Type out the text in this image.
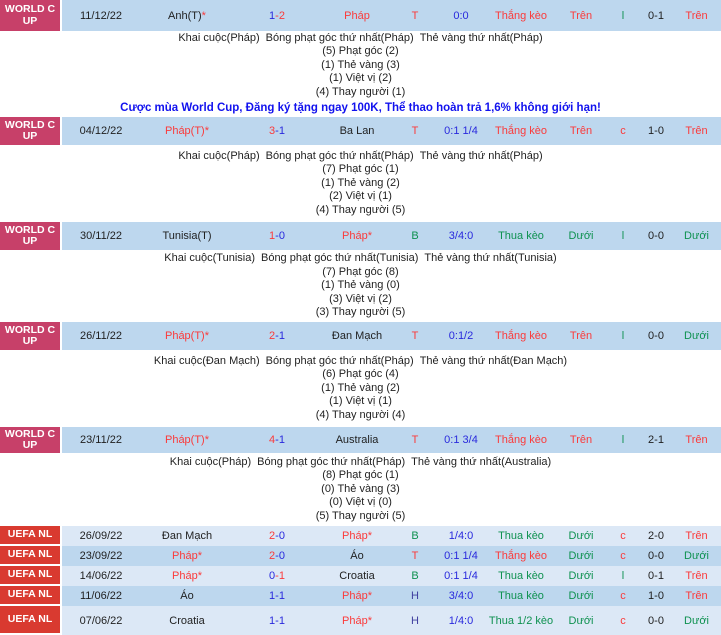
WORLD C
UP	11/12/22	Anh(T)*	1-2	Pháp	T	0:0	Thắng kèo	Trên	l	0-1	Trên
Khai cuộc(Pháp) Bóng phạt góc thứ nhất(Pháp) Thẻ vàng thứ nhất(Pháp)
(5) Phạt góc (2)
(1) Thẻ vàng (3)
(1) Việt vị (2)
(4) Thay người (1)
Cược mùa World Cup, Đăng ký tặng ngay 100K, Thể thao hoàn trả 1,6% không giới hạn!
WORLD C
UP	04/12/22	Pháp(T)*	3-1	Ba Lan	T	0:1 1/4	Thắng kèo	Trên	c	1-0	Trên
Khai cuộc(Pháp) Bóng phạt góc thứ nhất(Pháp) Thẻ vàng thứ nhất(Pháp)
(7) Phạt góc (1)
(1) Thẻ vàng (2)
(2) Việt vị (1)
(4) Thay người (5)
WORLD C
UP	30/11/22	Tunisia(T)	1-0	Pháp*	B	3/4:0	Thua kèo	Dưới	l	0-0	Dưới
Khai cuộc(Tunisia) Bóng phạt góc thứ nhất(Tunisia) Thẻ vàng thứ nhất(Tunisia)
(7) Phạt góc (8)
(1) Thẻ vàng (0)
(3) Việt vị (2)
(3) Thay người (5)
WORLD C
UP	26/11/22	Pháp(T)*	2-1	Đan Mạch	T	0:1/2	Thắng kèo	Trên	l	0-0	Dưới
Khai cuộc(Đan Mạch) Bóng phạt góc thứ nhất(Pháp) Thẻ vàng thứ nhất(Đan Mạch)
(6) Phạt góc (4)
(1) Thẻ vàng (2)
(1) Việt vị (1)
(4) Thay người (4)
WORLD C
UP	23/11/22	Pháp(T)*	4-1	Australia	T	0:1 3/4	Thắng kèo	Trên	l	2-1	Trên
Khai cuộc(Pháp) Bóng phạt góc thứ nhất(Pháp) Thẻ vàng thứ nhất(Australia)
(8) Phạt góc (1)
(0) Thẻ vàng (3)
(0) Việt vị (0)
(5) Thay người (5)
UEFA NL	26/09/22	Đan Mạch	2-0	Pháp*	B	1/4:0	Thua kèo	Dưới	c	2-0	Trên
UEFA NL	23/09/22	Pháp*	2-0	Áo	T	0:1 1/4	Thắng kèo	Dưới	c	0-0	Dưới
UEFA NL	14/06/22	Pháp*	0-1	Croatia	B	0:1 1/4	Thua kèo	Dưới	l	0-1	Trên
UEFA NL	11/06/22	Áo	1-1	Pháp*	H	3/4:0	Thua kèo	Dưới	c	1-0	Trên
UEFA NL	07/06/22	Croatia	1-1	Pháp*	H	1/4:0	Thua 1/2 kèo	Dưới	c	0-0	Dưới
